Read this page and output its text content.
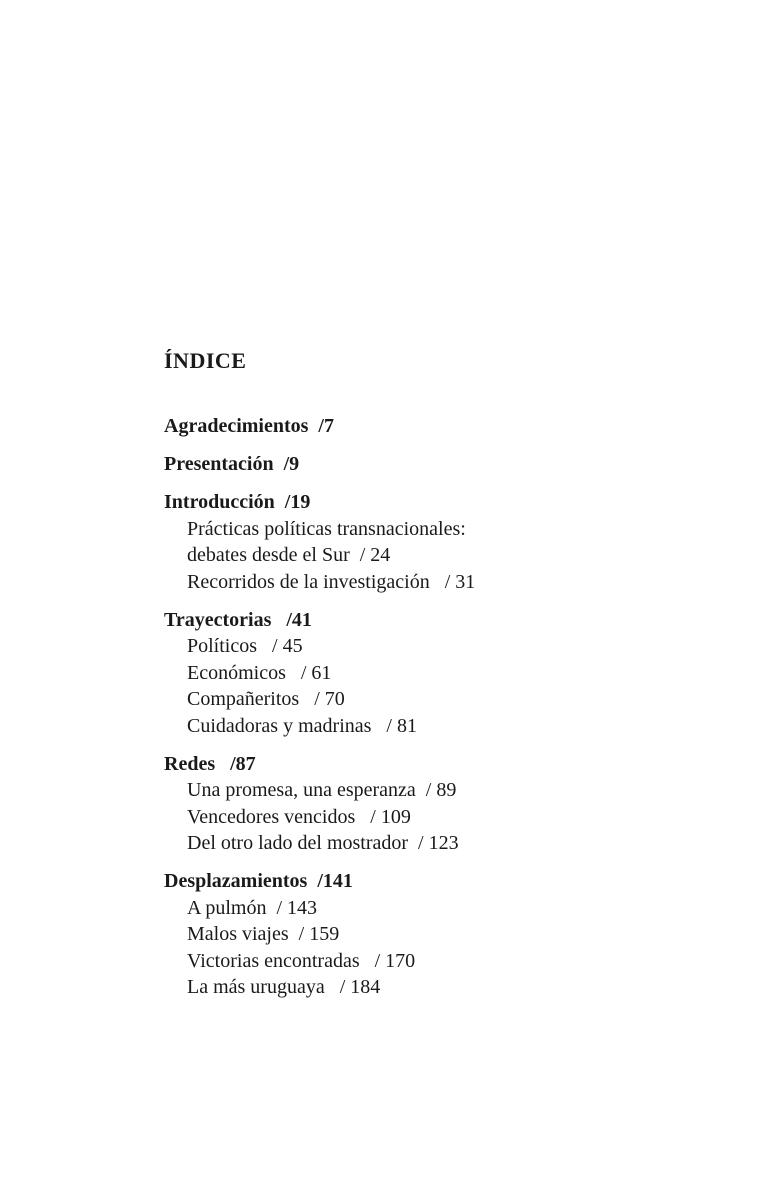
ÍNDICE
Agradecimientos  /7
Presentación  /9
Introducción  /19
Prácticas políticas transnacionales:
debates desde el Sur  / 24
Recorridos de la investigación   / 31
Trayectorias   /41
Políticos   / 45
Económicos   / 61
Compañeritos   / 70
Cuidadoras y madrinas   / 81
Redes   /87
Una promesa, una esperanza  / 89
Vencedores vencidos   / 109
Del otro lado del mostrador  / 123
Desplazamientos  /141
A pulmón  / 143
Malos viajes  / 159
Victorias encontradas   / 170
La más uruguaya   / 184
